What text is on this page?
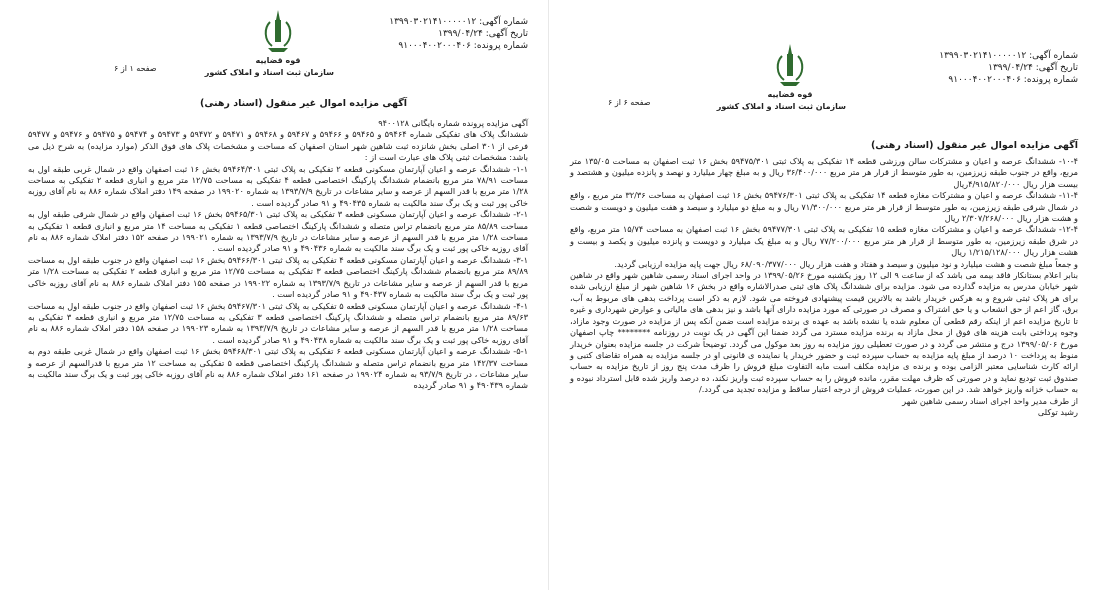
قوه قضاییه
سازمان ثبت اسناد و املاک کشور
شماره آگهی: ۱۳۹۹۰۳۰۲۱۴۱۰۰۰۰۰۱۲
تاریخ آگهی: ۱۳۹۹/۰۴/۲۴
شماره پرونده: ۹۱۰۰۰۴۰۰۲۰۰۰۴۰۶
صفحه ۱ از ۶
آگهی مزایده اموال غیر منقول (اسناد رهنی)

آگهی مزایده پرونده شماره بایگانی ۹۴۰۰۱۲۸

ششدانگ پلاک های تفکیکی شماره ۵۹۴۶۴ و ۵۹۴۶۵ و ۵۹۴۶۶ و ۵۹۴۶۷ و ۵۹۴۶۸ و ۵۹۴۷۱ و ۵۹۴۷۲ و ۵۹۴۷۳ و ۵۹۴۷۴ و ۵۹۴۷۵ و ۵۹۴۷۶ و ۵۹۴۷۷ فرعی از ۳۰۱ اصلی بخش شانزده ثبت شاهین شهر استان اصفهان که مساحت و مشخصات پلاک های فوق الذکر (موارد مزایده) به شرح ذیل می باشد: مشخصات ثبتی پلاک های عبارت است از :

۱-۱- ششدانگ عرصه و اعیان آپارتمان مسکونی قطعه ۲ تفکیکی به پلاک ثبتی ۵۹۴۶۴/۳۰۱ بخش ۱۶ ثبت اصفهان واقع در شمال غربی طبقه اول به مساحت ۷۸/۹۱ متر مربع بانضمام ششدانگ پارکینگ اختصاصی قطعه ۴ تفکیکی به مساحت ۱۲/۷۵ متر مربع و انباری قطعه ۲ تفکیکی به مساحت ۱/۲۸ متر مربع با قدر السهم از عرصه و سایر مشاعات در تاریخ ۱۳۹۳/۷/۹ به شماره ۱۹۹۰۲۰ در صفحه ۱۴۹ دفتر املاک شماره ۸۸۶ به نام آقای روزبه خاکی پور ثبت و یک برگ سند مالکیت به شماره ۴۹۰۴۳۵ و ۹۱ صادر گردیده است .

۲-۱- ششدانگ عرصه و اعیان آپارتمان مسکونی قطعه ۳ تفکیکی به پلاک ثبتی ۵۹۴۶۵/۳۰۱ بخش ۱۶ ثبت اصفهان واقع در شمال شرقی طبقه اول به مساحت ۸۵/۸۹ متر مربع بانضمام تراس متصله و ششدانگ پارکینگ اختصاصی قطعه ۱ تفکیکی به مساحت ۱۴ متر مربع و انباری قطعه ۱ تفکیکی به مساحت ۱/۲۸ متر مربع با قدر السهم از عرصه و سایر مشاعات در تاریخ ۱۳۹۳/۷/۹ به شماره ۱۹۹۰۲۱ در صفحه ۱۵۲ دفتر املاک شماره ۸۸۶ به نام آقای روزبه خاکی پور ثبت و یک برگ سند مالکیت به شماره ۴۹۰۴۳۶ و ۹۱ صادر گردیده است .

۳-۱- ششدانگ عرصه و اعیان آپارتمان مسکونی قطعه ۴ تفکیکی به پلاک ثبتی ۵۹۴۶۶/۳۰۱ بخش ۱۶ ثبت اصفهان واقع در جنوب طبقه اول به مساحت ۸۹/۸۹ متر مربع بانضمام ششدانگ پارکینگ اختصاصی قطعه ۳ تفکیکی به مساحت ۱۲/۷۵ متر مربع و انباری قطعه ۲ تفکیکی به مساحت ۱/۲۸ متر مربع با قدر السهم از عرصه و سایر مشاعات در تاریخ ۱۳۹۳/۷/۹ به شماره ۱۹۹۰۲۲ در صفحه ۱۵۵ دفتر املاک شماره ۸۸۶ به نام آقای روزبه خاکی پور ثبت و یک برگ سند مالکیت به شماره ۴۹۰۴۳۷ و ۹۱ صادر گردیده است .

۴-۱- ششدانگ عرصه و اعیان آپارتمان مسکونی قطعه ۵ تفکیکی به پلاک ثبتی ۵۹۴۶۷/۳۰۱ بخش ۱۶ ثبت اصفهان واقع در جنوب طبقه اول به مساحت ۸۹/۶۳ متر مربع بانضمام تراس متصله و ششدانگ پارکینگ اختصاصی قطعه ۳ تفکیکی به مساحت ۱۲/۷۵ متر مربع و انباری قطعه ۳ تفکیکی به مساحت ۱/۲۸ متر مربع با قدر السهم از عرصه و سایر مشاعات در تاریخ ۱۳۹۳/۷/۹ به شماره ۱۹۹۰۲۳ در صفحه ۱۵۸ دفتر املاک شماره ۸۸۶ به نام آقای روزبه خاکی پور ثبت و یک برگ سند مالکیت به شماره ۴۹۰۴۳۸ و ۹۱ صادر گردیده است .

۵-۱- ششدانگ عرصه و اعیان آپارتمان مسکونی قطعه ۶ تفکیکی به پلاک ثبتی ۵۹۴۶۸/۳۰۱ بخش ۱۶ ثبت اصفهان واقع در شمال غربی طبقه دوم به مساحت ۱۴۲/۳۷ متر مربع بانضمام تراس متصله و ششدانگ پارکینگ اختصاصی قطعه ۵ تفکیکی به مساحت ۱۲ متر مربع با قدرالسهم از عرصه و سایر مشاعات ، در تاریخ ۹۳/۷/۹ به شماره ۱۹۹۰۲۴ در صفحه ۱۶۱ دفتر املاک شماره ۸۸۶ به نام آقای روزبه خاکی پور ثبت و یک برگ سند مالکیت به شماره ۴۹۰۴۳۹ و ۹۱ صادر گردیده

قوه قضاییه
سازمان ثبت اسناد و املاک کشور
شماره آگهی: ۱۳۹۹۰۳۰۲۱۴۱۰۰۰۰۰۱۲
تاریخ آگهی: ۱۳۹۹/۰۴/۲۴
شماره پرونده: ۹۱۰۰۰۴۰۰۲۰۰۰۴۰۶
صفحه ۶ از ۶
آگهی مزایده اموال غیر منقول (اسناد رهنی)

۱۰-۴- ششدانگ عرصه و اعیان و مشترکات سالن ورزشی قطعه ۱۴ تفکیکی به پلاک ثبتی ۵۹۴۷۵/۳۰۱ بخش ۱۶ ثبت اصفهان به مساحت ۱۳۵/۰۵ متر مربع، واقع در جنوب طبقه زیرزمین، به طور متوسط از قرار هر متر مربع ۳۶/۴۰۰/۰۰۰ ریال و به مبلغ چهار میلیارد و نهصد و پانزده میلیون و هشتصد و بیست هزار ریال ۴/۹۱۵/۸۲۰/۰۰۰ریال

۱۱-۴- ششدانگ عرصه و اعیان و مشترکات مغازه قطعه ۱۴ تفکیکی به پلاک ثبتی ۵۹۴۷۶/۳۰۱ بخش ۱۶ ثبت اصفهان به مساحت ۳۲/۳۶ متر مربع ، واقع در شمال شرقی طبقه زیرزمین، به طور متوسط از قرار هر متر مربع ۷۱/۳۰۰/۰۰۰ ریال و به مبلغ دو میلیارد و سیصد و هفت میلیون و دویست و شصت و هشت هزار ریال ۲/۳۰۷/۲۶۸/۰۰۰ ریال

۱۲-۴- ششدانگ عرصه و اعیان و مشترکات مغازه قطعه ۱۵ تفکیکی به پلاک ثبتی ۵۹۴۷۷/۳۰۱ بخش ۱۶ ثبت اصفهان به مساحت ۱۵/۷۴ متر مربع، واقع در شرق طبقه زیرزمین، به طور متوسط از قرار هر متر مربع ۷۷/۲۰۰/۰۰۰ ریال و به مبلغ یک میلیارد و دویست و پانزده میلیون و یکصد و بیست و هشت هزار ریال ۱/۲۱۵/۱۲۸/۰۰۰ ریال

و جمعاً مبلغ شصت و هشت میلیارد و نود میلیون و سیصد و هفتاد و هفت هزار ریال ۶۸/۰۹۰/۳۷۷/۰۰۰ ریال جهت پایه مزایده ارزیابی گردید.

بنابر اعلام بستانکار فاقد بیمه می باشد که از ساعت ۹ الی ۱۲ روز یکشنبه مورخ ۱۳۹۹/۰۵/۲۶ در واحد اجرای اسناد رسمی شاهین شهر واقع در شاهین شهر خیابان مدرس به مزایده گذارده می شود. مزایده برای ششدانگ پلاک های ثبتی صدرالاشاره واقع در بخش ۱۶ شاهین شهر از مبلغ ارزیابی شده برای هر پلاک ثبتی شروع و به هرکس خریدار باشد به بالاترین قیمت پیشنهادی فروخته می شود. لازم به ذکر است پرداخت بدهی های مربوط به آب، برق، گاز اعم از حق انشعاب و یا حق اشتراک و مصرف در صورتی که مورد مزایده دارای آنها باشد و نیز بدهی های مالیاتی و عوارض شهرداری و غیره تا تاریخ مزایده اعم از اینکه رقم قطعی آن معلوم شده یا نشده باشد به عهده ی برنده مزایده است ضمن آنکه پس از مزایده در صورت وجود مازاد، وجوه پرداختی بابت هزینه های فوق از محل مازاد به برنده مزایده مسترد می گردد ضمنا این آگهی در یک نوبت در روزنامه ******** چاپ اصفهان مورخ ۱۳۹۹/۰۵/۰۶ درج و منتشر می گردد و در صورت تعطیلی روز مزایده به روز بعد موکول می گردد. توضیحاً شرکت در جلسه مزایده بعنوان خریدار منوط به پرداخت ۱۰ درصد از مبلغ پایه مزایده به حساب سپرده ثبت و حضور خریدار یا نماینده ی قانونی او در جلسه مزایده به همراه تقاضای کتبی و ارائه کارت شناسایی معتبر الزامی بوده و برنده ی مزایده مکلف است مابه التفاوت مبلغ فروش را ظرف مدت پنج روز از تاریخ مزایده به حساب صندوق ثبت تودیع نماید و در صورتی که ظرف مهلت مقرر، مانده فروش را به حساب سپرده ثبت واریز نکند، ده درصد واریز شده قابل استرداد نبوده و به حساب خزانه واریز خواهد شد. در این صورت، عملیات فروش از درجه اعتبار ساقط و مزایده تجدید می گردد./

از طرف مدیر واحد اجرای اسناد رسمی شاهین شهر

رشید توکلی
